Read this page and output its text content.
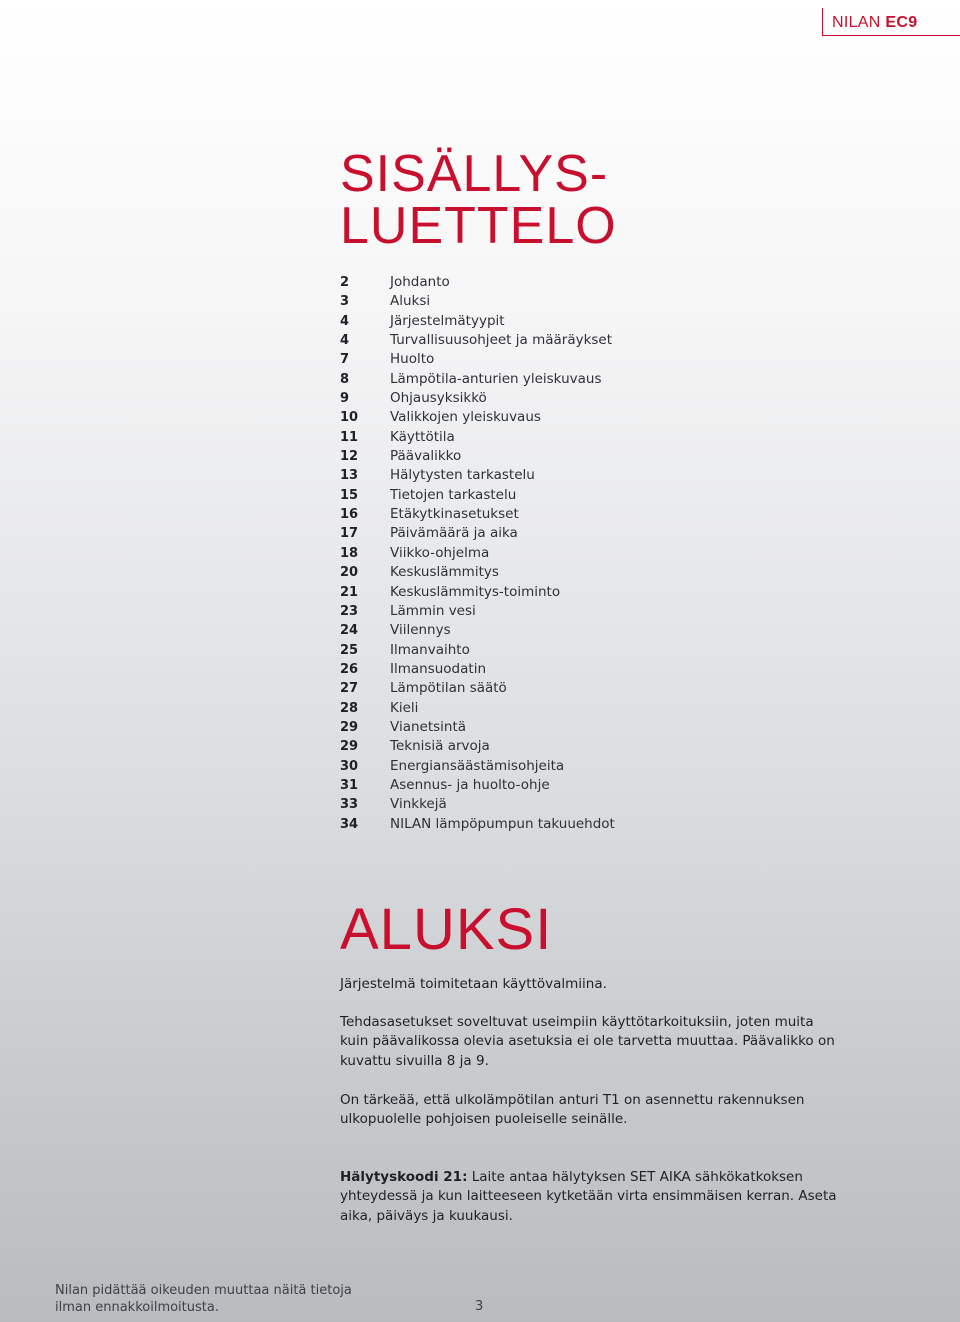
NILAN EC9
SISÄLLYS-
LUETTELO
2	Johdanto
3	Aluksi
4	Järjestelmätyypit
4	Turvallisuusohjeet ja määräykset
7	Huolto
8	Lämpötila-anturien yleiskuvaus
9	Ohjausyksikkö
10	Valikkojen yleiskuvaus
11	Käyttötila
12	Päävalikko
13	Hälytysten tarkastelu
15	Tietojen tarkastelu
16	Etäkytkinasetukset
17	Päivämäärä ja aika
18	Viikko-ohjelma
20	Keskuslämmitys
21	Keskuslämmitys-toiminto
23	Lämmin vesi
24	Viilennys
25	Ilmanvaihto
26	Ilmansuodatin
27	Lämpötilan säätö
28	Kieli
29	Vianetsintä
29	Teknisiä arvoja
30	Energiansäästämisohjeita
31	Asennus- ja huolto-ohje
33	Vinkkejä
34	NILAN lämpöpumpun takuuehdot
ALUKSI

Järjestelmä toimitetaan käyttövalmiina.

Tehdasasetukset soveltuvat useimpiin käyttötarkoituksiin, joten muita kuin päävalikossa olevia asetuksia ei ole tarvetta muuttaa. Päävalikko on kuvattu sivuilla 8 ja 9.

On tärkeää, että ulkolämpötilan anturi T1 on asennettu rakennuksen ulkopuolelle pohjoisen puoleiselle seinälle.

Hälytyskoodi 21: Laite antaa hälytyksen SET AIKA sähkökatkoksen yhteydessä ja kun laitteeseen kytketään virta ensimmäisen kerran. Aseta aika, päiväys ja kuukausi.

Nilan pidättää oikeuden muuttaa näitä tietoja ilman ennakkoilmoitusta.	3
